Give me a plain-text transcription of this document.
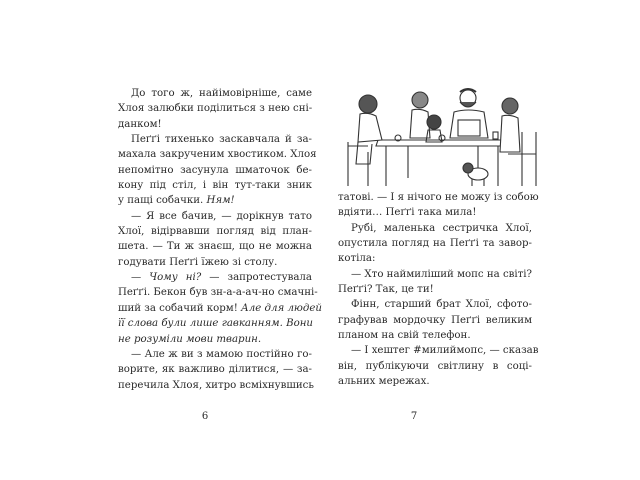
До того ж, найімовірніше, саме
Хлоя залюбки поділиться з нею сні-
данком!
Пеґґі тихенько заскавчала й за-
махала закрученим хвостиком. Хлоя
непомітно засунула шматочок бе-
кону під стіл, і він тут-таки зник
у пащі собачки. Ням!
— Я все бачив, — дорікнув тато
Хлої, відірвавши погляд від план-
шета. — Ти ж знаєш, що не можна
годувати Пеґґі їжею зі столу.
— Чому ні? — запротестувала
Пеґґі. Бекон був зн-а-а-ач-но смачні-
ший за собачий корм! Але для людей
її слова були лише гавканням. Вони
не розуміли мови тварин.
— Але ж ви з мамою постійно го-
ворите, як важливо ділитися, — за-
перечила Хлоя, хитро всміхнувшись
6
татові. — І я нічого не можу із собою
вдіяти… Пеґґі така мила!
Рубі, маленька сестричка Хлої,
опустила погляд на Пеґґі та завор-
котіла:
— Хто наймиліший мопс на світі?
Пеґґі? Так, це ти!
Фінн, старший брат Хлої, сфото-
графував мордочку Пеґґі великим
планом на свій телефон.
— І хештег #милиймопс, — сказав
він, публікуючи світлину в соці-
альних мережах.
7
